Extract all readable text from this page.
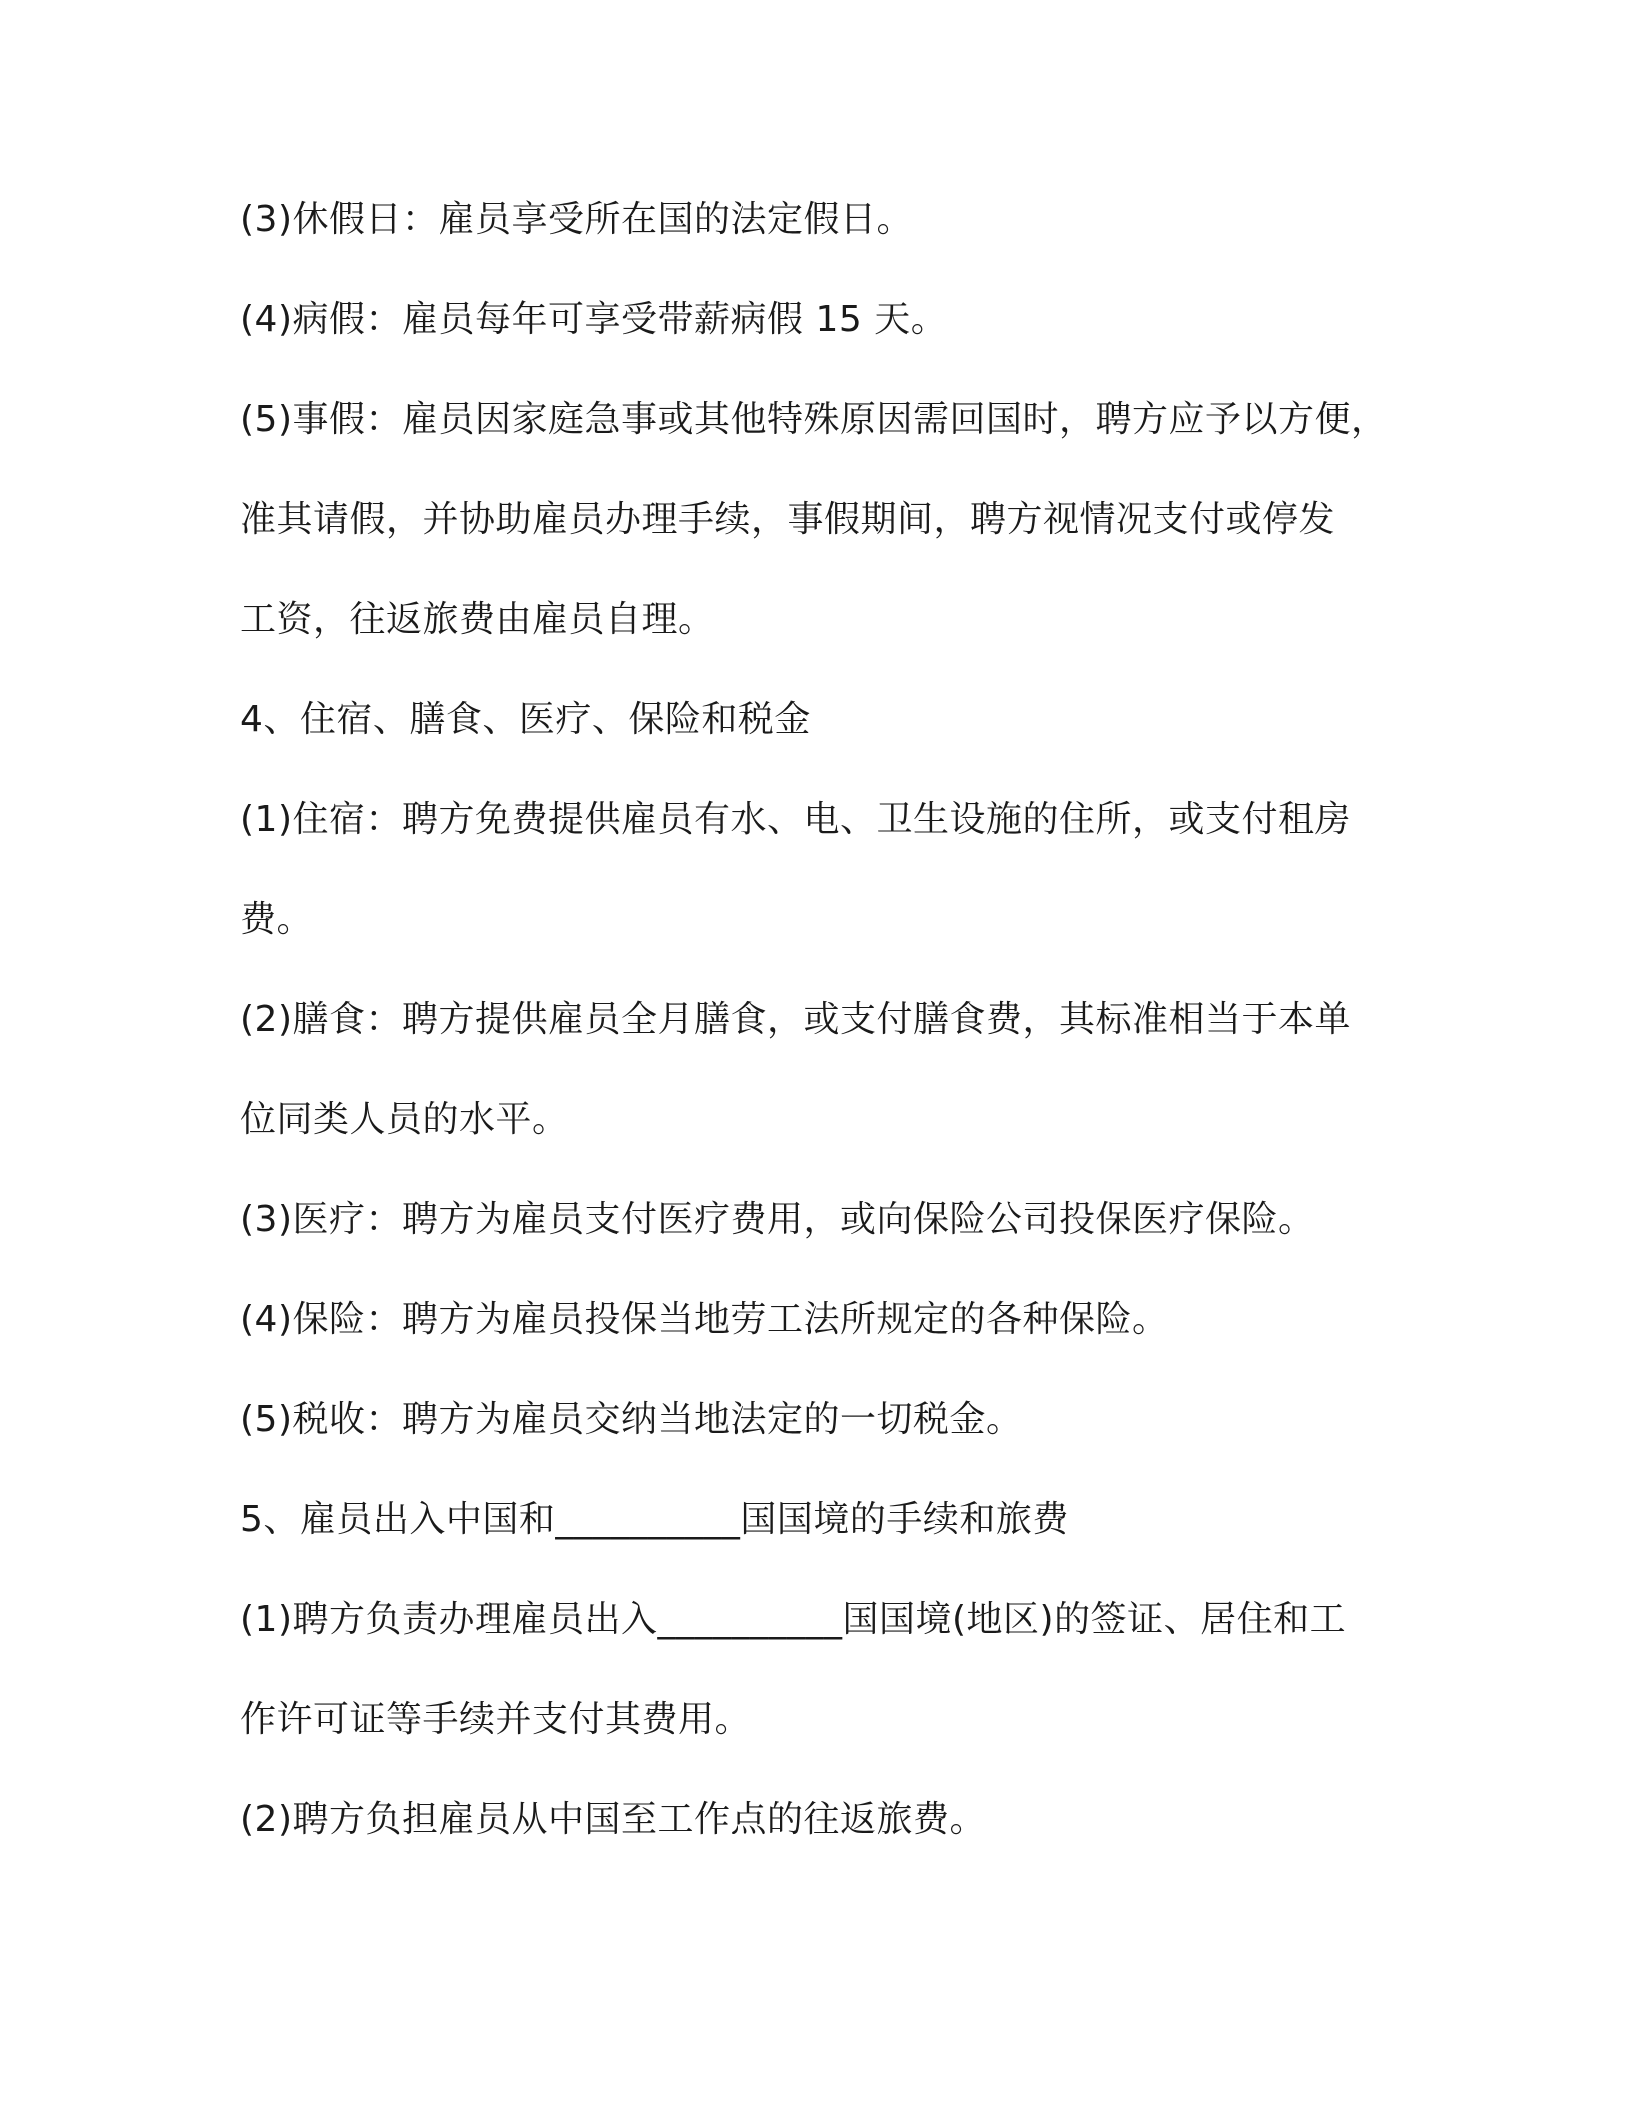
(3)休假日：雇员享受所在国的法定假日。
(4)病假：雇员每年可享受带薪病假 15 天。
(5)事假：雇员因家庭急事或其他特殊原因需回国时，聘方应予以方便，
准其请假，并协助雇员办理手续，事假期间，聘方视情况支付或停发
工资，往返旅费由雇员自理。
4、住宿、膳食、医疗、保险和税金
(1)住宿：聘方免费提供雇员有水、电、卫生设施的住所，或支付租房
费。
(2)膳食：聘方提供雇员全月膳食，或支付膳食费，其标准相当于本单
位同类人员的水平。
(3)医疗：聘方为雇员支付医疗费用，或向保险公司投保医疗保险。
(4)保险：聘方为雇员投保当地劳工法所规定的各种保险。
(5)税收：聘方为雇员交纳当地法定的一切税金。
5、雇员出入中国和__________国国境的手续和旅费
(1)聘方负责办理雇员出入__________国国境(地区)的签证、居住和工
作许可证等手续并支付其费用。
(2)聘方负担雇员从中国至工作点的往返旅费。
